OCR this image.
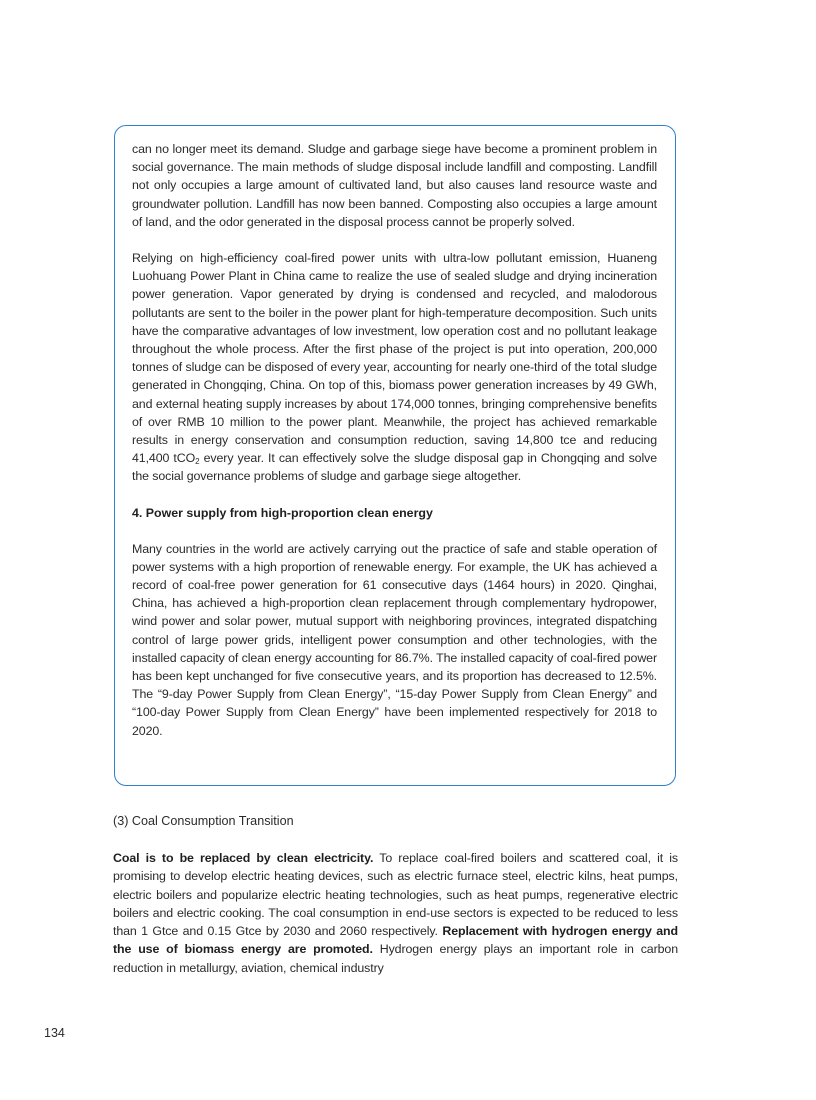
can no longer meet its demand. Sludge and garbage siege have become a prominent problem in social governance. The main methods of sludge disposal include landfill and composting. Landfill not only occupies a large amount of cultivated land, but also causes land resource waste and groundwater pollution. Landfill has now been banned. Composting also occupies a large amount of land, and the odor generated in the disposal process cannot be properly solved.

Relying on high-efficiency coal-fired power units with ultra-low pollutant emission, Huaneng Luohuang Power Plant in China came to realize the use of sealed sludge and drying incineration power generation. Vapor generated by drying is condensed and recycled, and malodorous pollutants are sent to the boiler in the power plant for high-temperature decomposition. Such units have the comparative advantages of low investment, low operation cost and no pollutant leakage throughout the whole process. After the first phase of the project is put into operation, 200,000 tonnes of sludge can be disposed of every year, accounting for nearly one-third of the total sludge generated in Chongqing, China. On top of this, biomass power generation increases by 49 GWh, and external heating supply increases by about 174,000 tonnes, bringing comprehensive benefits of over RMB 10 million to the power plant. Meanwhile, the project has achieved remarkable results in energy conservation and consumption reduction, saving 14,800 tce and reducing 41,400 tCO$_2$ every year. It can effectively solve the sludge disposal gap in Chongqing and solve the social governance problems of sludge and garbage siege altogether.

4. Power supply from high-proportion clean energy

Many countries in the world are actively carrying out the practice of safe and stable operation of power systems with a high proportion of renewable energy. For example, the UK has achieved a record of coal-free power generation for 61 consecutive days (1464 hours) in 2020. Qinghai, China, has achieved a high-proportion clean replacement through complementary hydropower, wind power and solar power, mutual support with neighboring provinces, integrated dispatching control of large power grids, intelligent power consumption and other technologies, with the installed capacity of clean energy accounting for 86.7%. The installed capacity of coal-fired power has been kept unchanged for five consecutive years, and its proportion has decreased to 12.5%. The “9-day Power Supply from Clean Energy”, “15-day Power Supply from Clean Energy” and “100-day Power Supply from Clean Energy” have been implemented respectively for 2018 to 2020.

(3) Coal Consumption Transition

Coal is to be replaced by clean electricity. To replace coal-fired boilers and scattered coal, it is promising to develop electric heating devices, such as electric furnace steel, electric kilns, heat pumps, electric boilers and popularize electric heating technologies, such as heat pumps, regenerative electric boilers and electric cooking. The coal consumption in end-use sectors is expected to be reduced to less than 1 Gtce and 0.15 Gtce by 2030 and 2060 respectively. Replacement with hydrogen energy and the use of biomass energy are promoted. Hydrogen energy plays an important role in carbon reduction in metallurgy, aviation, chemical industry

134
